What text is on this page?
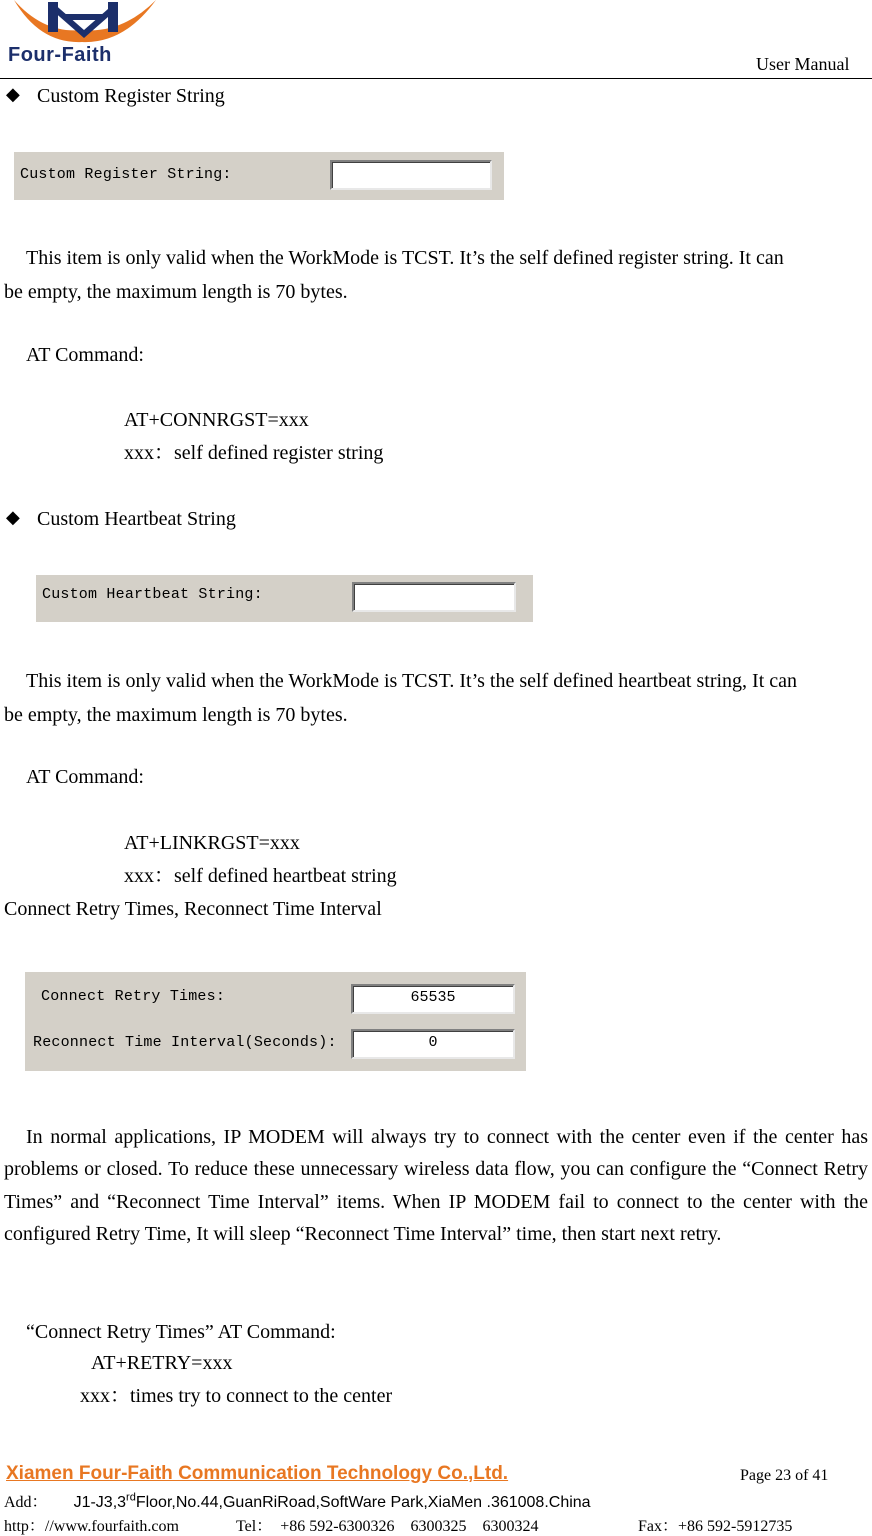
Four-Faith	User Manual
◆ Custom Register String
Custom Register String:
This item is only valid when the WorkMode is TCST. It’s the self defined register string. It can
be empty, the maximum length is 70 bytes.
AT Command:
AT+CONNRGST=xxx
xxx：self defined register string
◆ Custom Heartbeat String
Custom Heartbeat String:
This item is only valid when the WorkMode is TCST. It’s the self defined heartbeat string, It can
be empty, the maximum length is 70 bytes.
AT Command:
AT+LINKRGST=xxx
xxx：self defined heartbeat string
Connect Retry Times, Reconnect Time Interval
Connect Retry Times:	65535
Reconnect Time Interval(Seconds):	0
In normal applications, IP MODEM will always try to connect with the center even if the center has problems or closed. To reduce these unnecessary wireless data flow, you can configure the “Connect Retry Times” and “Reconnect Time Interval” items. When IP MODEM fail to connect to the center with the configured Retry Time, It will sleep “Reconnect Time Interval” time, then start next retry.
“Connect Retry Times” AT Command:
AT+RETRY=xxx
xxx：times try to connect to the center
Xiamen Four-Faith Communication Technology Co.,Ltd.	Page 23 of 41
Add： J1-J3,3rdFloor,No.44,GuanRiRoad,SoftWare Park,XiaMen .361008.China
http：//www.fourfaith.com	Tel：  +86 592-6300326    6300325    6300324	Fax：+86 592-5912735
